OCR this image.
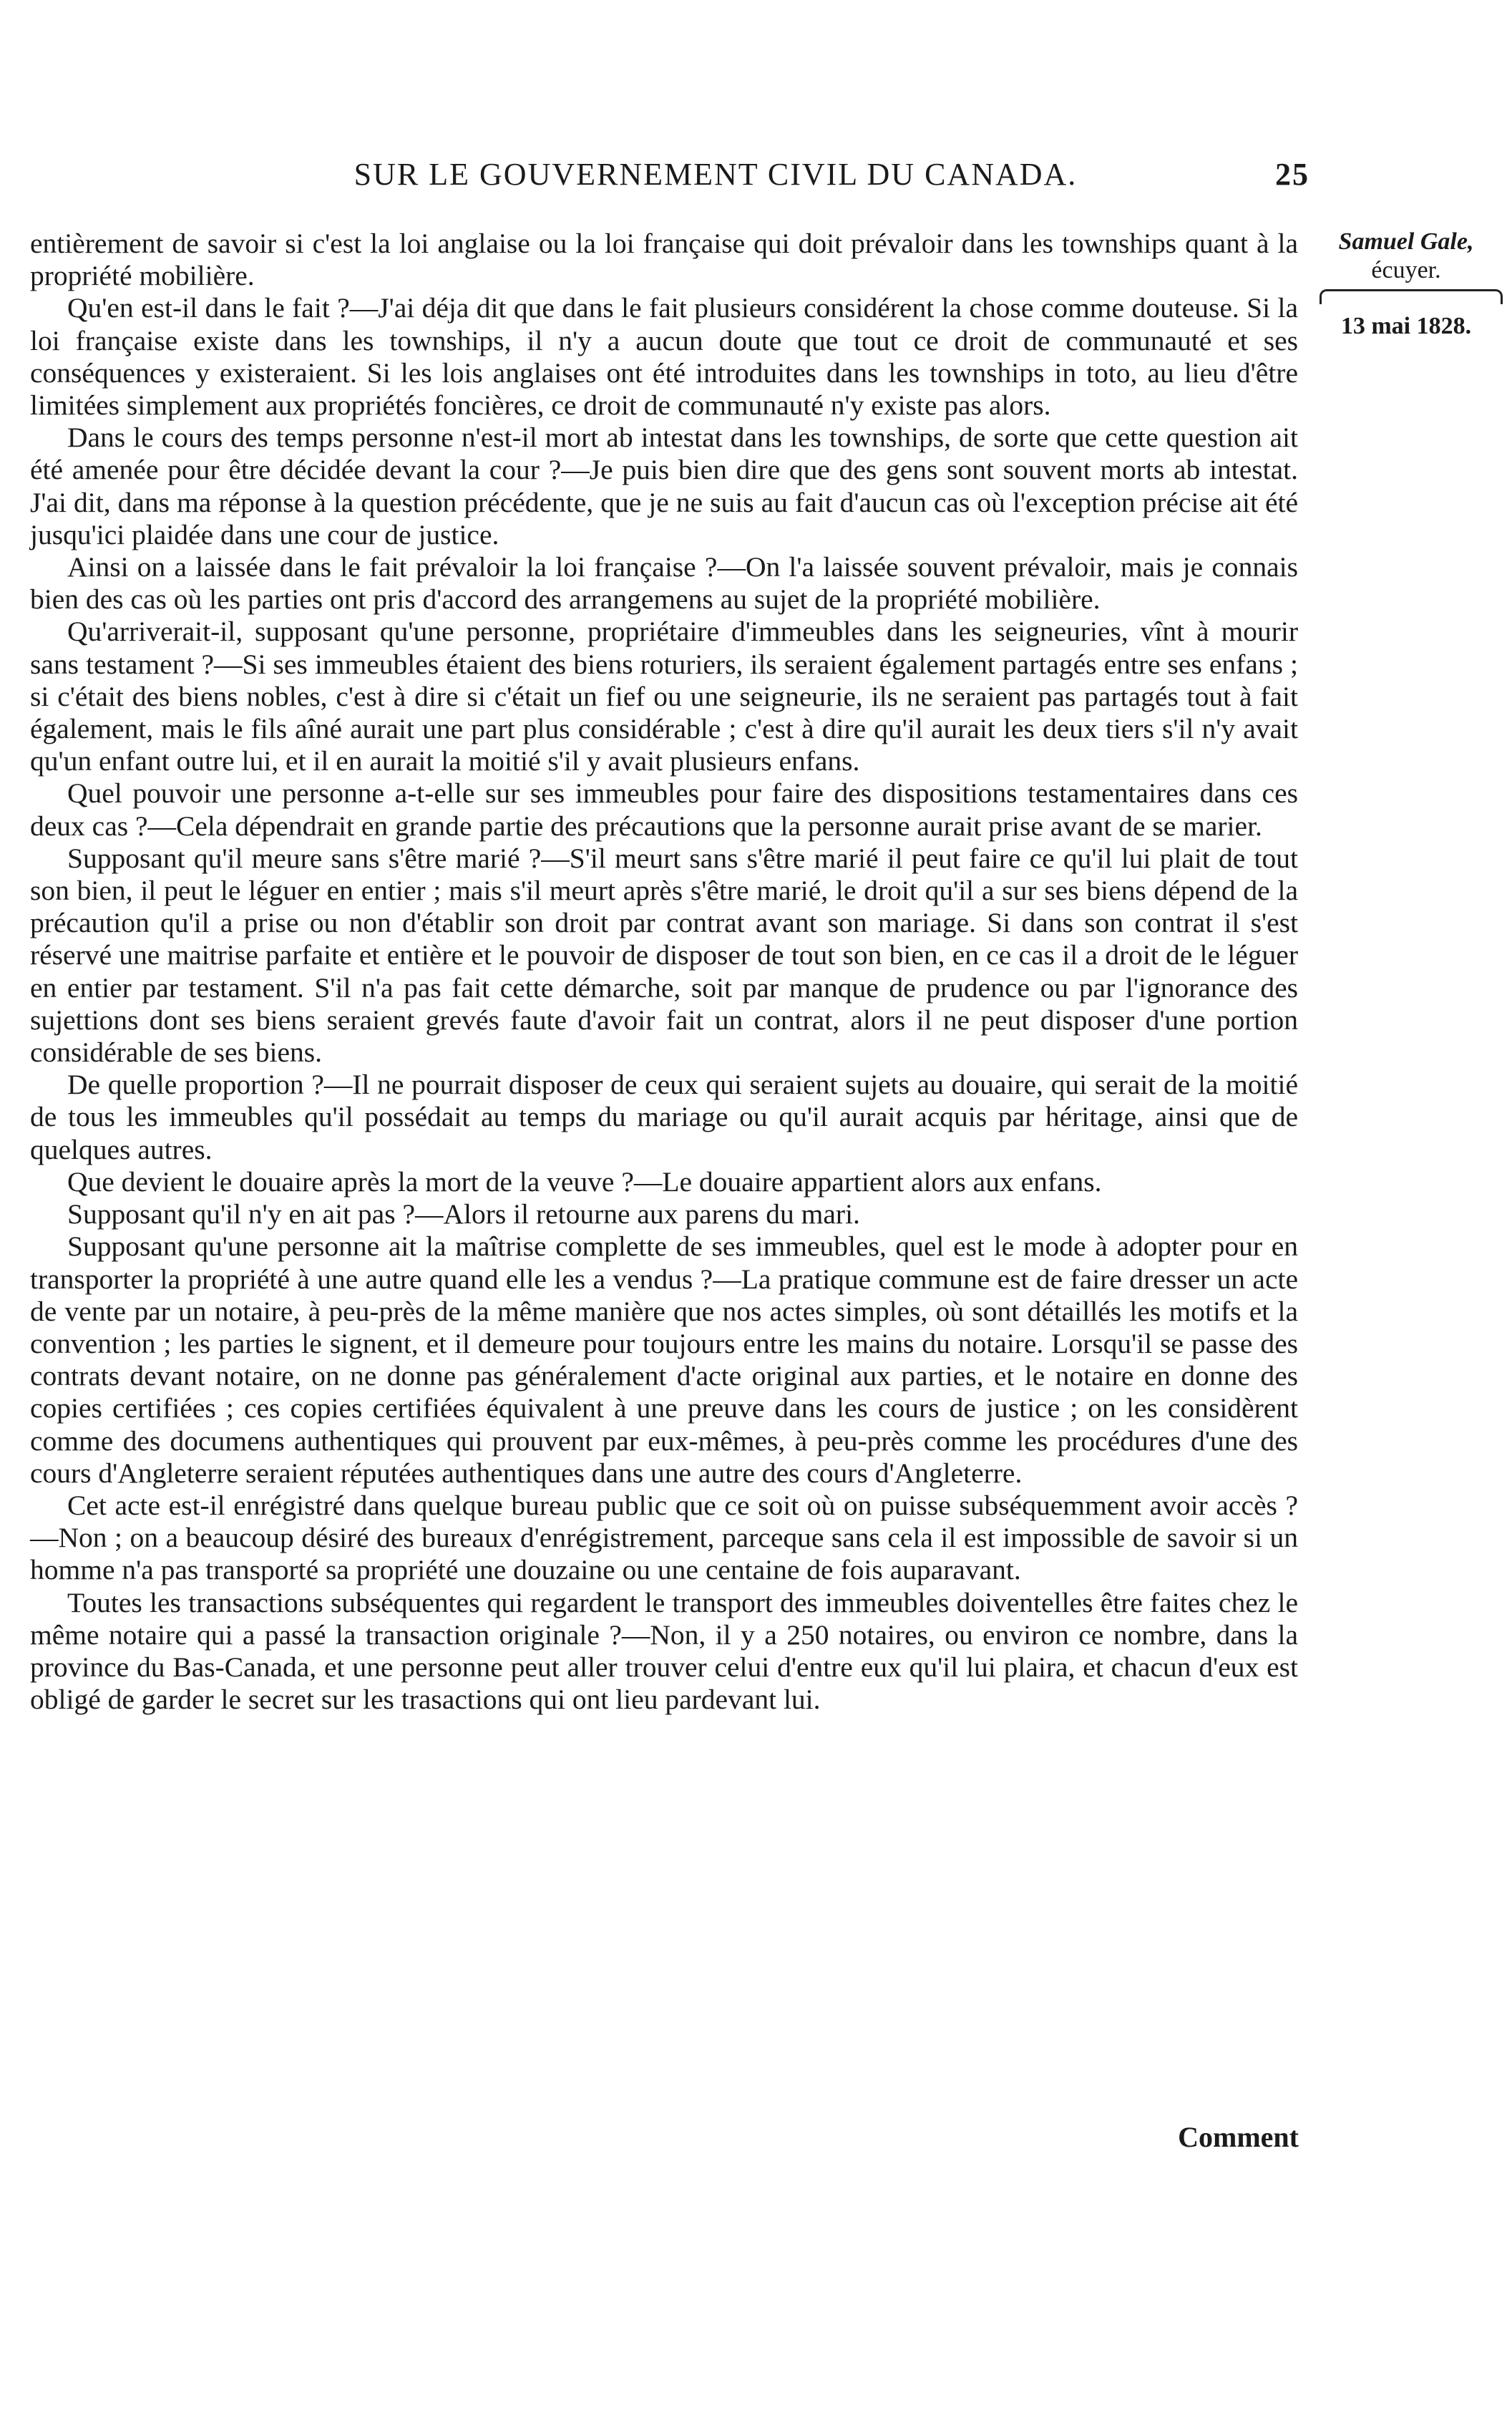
SUR LE GOUVERNEMENT CIVIL DU CANADA.	25
Samuel Gale,
écuyer.
13 mai 1828.

entièrement de savoir si c'est la loi anglaise ou la loi française qui doit prévaloir dans les townships quant à la propriété mobilière.

Qu'en est-il dans le fait ?—J'ai déja dit que dans le fait plusieurs considérent la chose comme douteuse. Si la loi française existe dans les townships, il n'y a aucun doute que tout ce droit de communauté et ses conséquences y existeraient. Si les lois anglaises ont été introduites dans les townships in toto, au lieu d'être limitées simplement aux propriétés foncières, ce droit de communauté n'y existe pas alors.

Dans le cours des temps personne n'est-il mort ab intestat dans les townships, de sorte que cette question ait été amenée pour être décidée devant la cour ?—Je puis bien dire que des gens sont souvent morts ab intestat. J'ai dit, dans ma réponse à la question précédente, que je ne suis au fait d'aucun cas où l'exception précise ait été jusqu'ici plaidée dans une cour de justice.

Ainsi on a laissée dans le fait prévaloir la loi française ?—On l'a laissée souvent prévaloir, mais je connais bien des cas où les parties ont pris d'accord des arrangemens au sujet de la propriété mobilière.

Qu'arriverait-il, supposant qu'une personne, propriétaire d'immeubles dans les seigneuries, vînt à mourir sans testament ?—Si ses immeubles étaient des biens roturiers, ils seraient également partagés entre ses enfans ; si c'était des biens nobles, c'est à dire si c'était un fief ou une seigneurie, ils ne seraient pas partagés tout à fait également, mais le fils aîné aurait une part plus considérable ; c'est à dire qu'il aurait les deux tiers s'il n'y avait qu'un enfant outre lui, et il en aurait la moitié s'il y avait plusieurs enfans.

Quel pouvoir une personne a-t-elle sur ses immeubles pour faire des dispositions testamentaires dans ces deux cas ?—Cela dépendrait en grande partie des précautions que la personne aurait prise avant de se marier.

Supposant qu'il meure sans s'être marié ?—S'il meurt sans s'être marié il peut faire ce qu'il lui plait de tout son bien, il peut le léguer en entier ; mais s'il meurt après s'être marié, le droit qu'il a sur ses biens dépend de la précaution qu'il a prise ou non d'établir son droit par contrat avant son mariage. Si dans son contrat il s'est réservé une maitrise parfaite et entière et le pouvoir de disposer de tout son bien, en ce cas il a droit de le léguer en entier par testament. S'il n'a pas fait cette démarche, soit par manque de prudence ou par l'ignorance des sujettions dont ses biens seraient grevés faute d'avoir fait un contrat, alors il ne peut disposer d'une portion considérable de ses biens.

De quelle proportion ?—Il ne pourrait disposer de ceux qui seraient sujets au douaire, qui serait de la moitié de tous les immeubles qu'il possédait au temps du mariage ou qu'il aurait acquis par héritage, ainsi que de quelques autres.

Que devient le douaire après la mort de la veuve ?—Le douaire appartient alors aux enfans.

Supposant qu'il n'y en ait pas ?—Alors il retourne aux parens du mari.

Supposant qu'une personne ait la maîtrise complette de ses immeubles, quel est le mode à adopter pour en transporter la propriété à une autre quand elle les a vendus ?—La pratique commune est de faire dresser un acte de vente par un notaire, à peu-près de la même manière que nos actes simples, où sont détaillés les motifs et la convention ; les parties le signent, et il demeure pour toujours entre les mains du notaire. Lorsqu'il se passe des contrats devant notaire, on ne donne pas généralement d'acte original aux parties, et le notaire en donne des copies certifiées ; ces copies certifiées équivalent à une preuve dans les cours de justice ; on les considèrent comme des documens authentiques qui prouvent par eux-mêmes, à peu-près comme les procédures d'une des cours d'Angleterre seraient réputées authentiques dans une autre des cours d'Angleterre.

Cet acte est-il enrégistré dans quelque bureau public que ce soit où on puisse subséquemment avoir accès ?—Non ; on a beaucoup désiré des bureaux d'enrégistrement, parceque sans cela il est impossible de savoir si un homme n'a pas transporté sa propriété une douzaine ou une centaine de fois auparavant.

Toutes les transactions subséquentes qui regardent le transport des immeubles doiventelles être faites chez le même notaire qui a passé la transaction originale ?—Non, il y a 250 notaires, ou environ ce nombre, dans la province du Bas-Canada, et une personne peut aller trouver celui d'entre eux qu'il lui plaira, et chacun d'eux est obligé de garder le secret sur les trasactions qui ont lieu pardevant lui.

Comment
